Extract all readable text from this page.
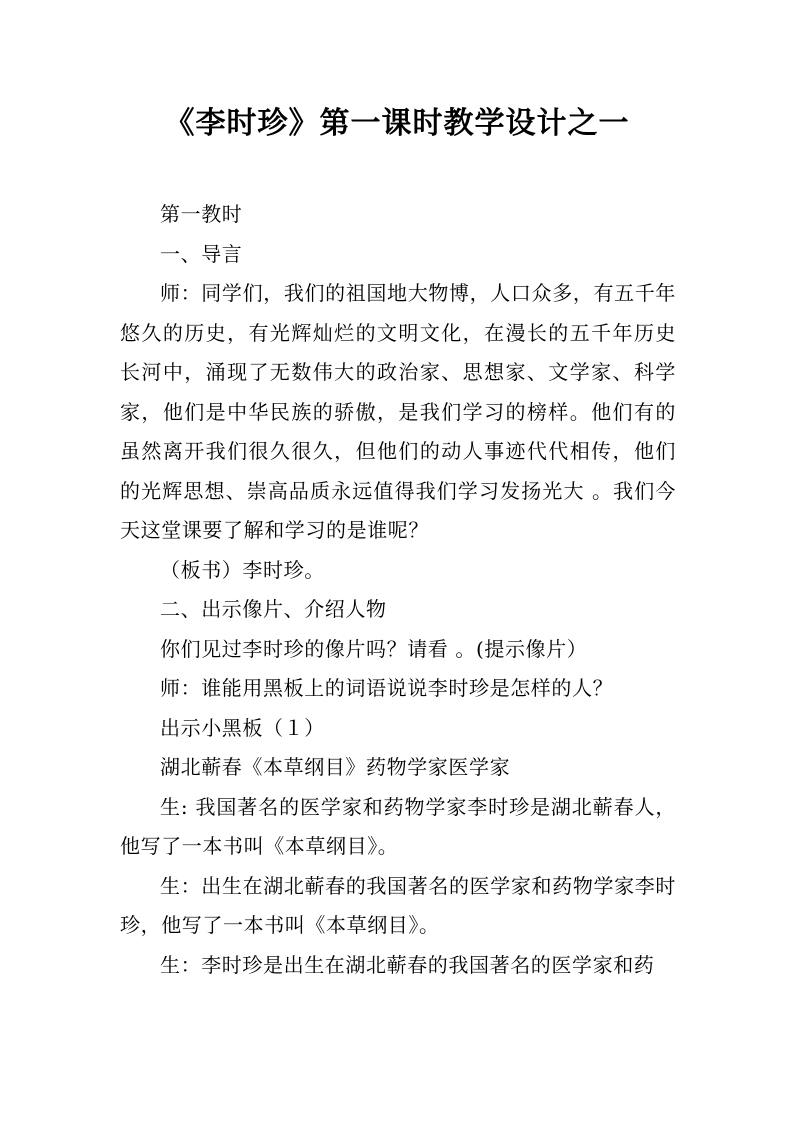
《李时珍》第一课时教学设计之一

第一教时

一、导言

师：同学们，我们的祖国地大物博，人口众多，有五千年悠久的历史，有光辉灿烂的文明文化，在漫长的五千年历史长河中，涌现了无数伟大的政治家、思想家、文学家、科学家，他们是中华民族的骄傲，是我们学习的榜样。他们有的虽然离开我们很久很久，但他们的动人事迹代代相传，他们的光辉思想、崇高品质永远值得我们学习发扬光大 。我们今天这堂课要了解和学习的是谁呢？

（板书）李时珍。

二、出示像片、介绍人物

你们见过李时珍的像片吗？请看 。(提示像片）

师：谁能用黑板上的词语说说李时珍是怎样的人？

出示小黑板（１）

湖北蕲春《本草纲目》药物学家医学家

生: 我国著名的医学家和药物学家李时珍是湖北蕲春人，他写了一本书叫《本草纲目》。

生：出生在湖北蕲春的我国著名的医学家和药物学家李时珍，他写了一本书叫《本草纲目》。

生：李时珍是出生在湖北蕲春的我国著名的医学家和药
